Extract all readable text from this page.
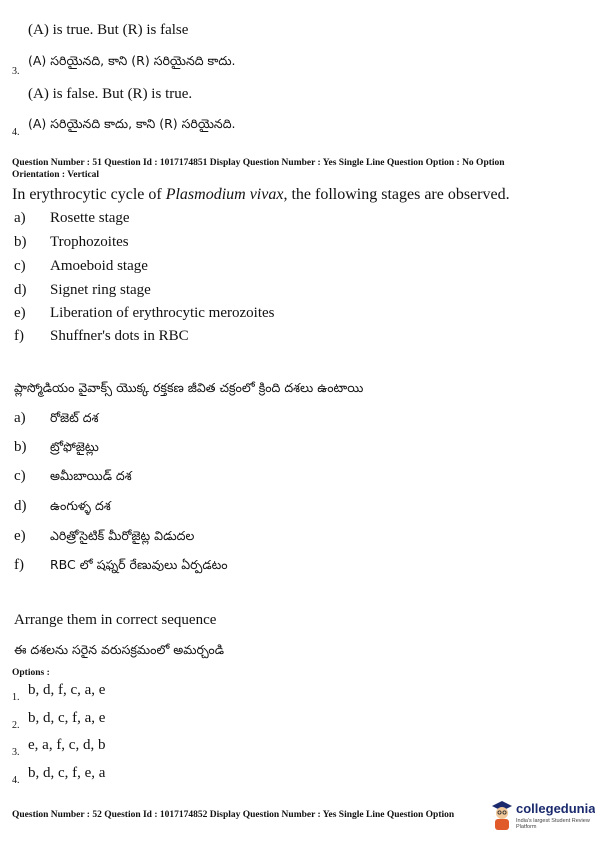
(A) is true. But (R) is false
(A) సరియైనది, కాని (R) సరియైనది కాదు.
3.
(A) is false. But (R) is true.
(A) సరియైనది కాదు, కాని (R) సరియైనది.
4.
Question Number : 51 Question Id : 1017174851 Display Question Number : Yes Single Line Question Option : No Option
Orientation : Vertical
In erythrocytic cycle of Plasmodium vivax, the following stages are observed.
a) Rosette stage
b) Trophozoites
c) Amoeboid stage
d) Signet ring stage
e) Liberation of erythrocytic merozoites
f) Shuffner's dots in RBC
ప్లాస్మోడియం వైవాక్స్ యొక్క రక్తకణ జీవిత చక్రంలో క్రింది దశలు ఉంటాయి
a) రోజెట్ దశ
b) ట్రోఫోజైట్లు
c) అమీబాయిడ్ దశ
d) ఉంగుళ్ళ దశ
e) ఎరిత్రోసైటిక్ మీరోజైట్ల విడుదల
f) RBC లో షఫ్నర్ రేణువులు ఏర్పడటం
Arrange them in correct sequence
ఈ దశలను సరైన వరుసక్రమంలో అమర్చండి
Options :
1. b, d, f, c, a, e
2. b, d, c, f, a, e
3. e, a, f, c, d, b
4. b, d, c, f, e, a
Question Number : 52 Question Id : 1017174852 Display Question Number : Yes Single Line Question Option	collegedunia
India's largest Student Review Platform
